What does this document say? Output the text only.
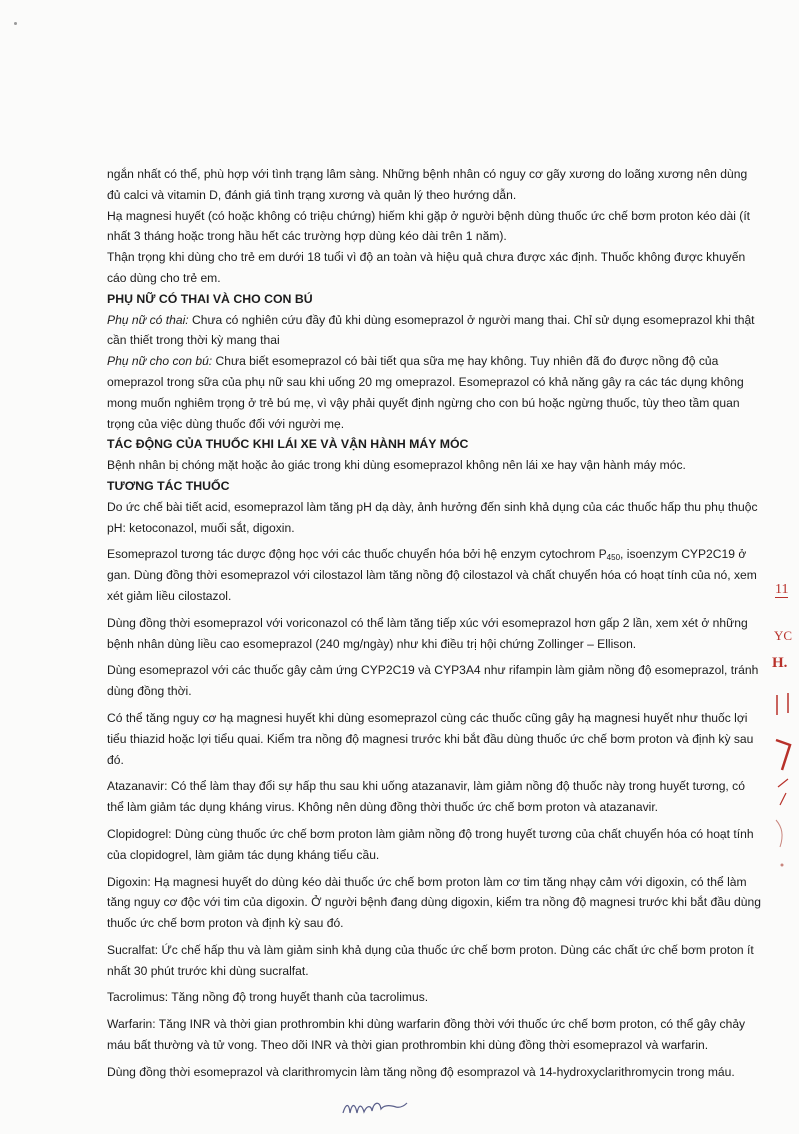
ngắn nhất có thể, phù hợp với tình trạng lâm sàng. Những bệnh nhân có nguy cơ gãy xương do loãng xương nên dùng đủ calci và vitamin D, đánh giá tình trạng xương và quản lý theo hướng dẫn.

Hạ magnesi huyết (có hoặc không có triệu chứng) hiếm khi gặp ở người bệnh dùng thuốc ức chế bơm proton kéo dài (ít nhất 3 tháng hoặc trong hầu hết các trường hợp dùng kéo dài trên 1 năm).

Thận trọng khi dùng cho trẻ em dưới 18 tuổi vì độ an toàn và hiệu quả chưa được xác định. Thuốc không được khuyến cáo dùng cho trẻ em.

PHỤ NỮ CÓ THAI VÀ CHO CON BÚ

Phụ nữ có thai: Chưa có nghiên cứu đầy đủ khi dùng esomeprazol ở người mang thai. Chỉ sử dụng esomeprazol khi thật cần thiết trong thời kỳ mang thai

Phụ nữ cho con bú: Chưa biết esomeprazol có bài tiết qua sữa mẹ hay không. Tuy nhiên đã đo được nồng độ của omeprazol trong sữa của phụ nữ sau khi uống 20 mg omeprazol. Esomeprazol có khả năng gây ra các tác dụng không mong muốn nghiêm trọng ở trẻ bú mẹ, vì vậy phải quyết định ngừng cho con bú hoặc ngừng thuốc, tùy theo tầm quan trọng của việc dùng thuốc đối với người mẹ.

TÁC ĐỘNG CỦA THUỐC KHI LÁI XE VÀ VẬN HÀNH MÁY MÓC

Bệnh nhân bị chóng mặt hoặc ảo giác trong khi dùng esomeprazol không nên lái xe hay vận hành máy móc.

TƯƠNG TÁC THUỐC

Do ức chế bài tiết acid, esomeprazol làm tăng pH dạ dày, ảnh hưởng đến sinh khả dụng của các thuốc hấp thu phụ thuộc pH: ketoconazol, muối sắt, digoxin.

Esomeprazol tương tác dược động học với các thuốc chuyển hóa bởi hệ enzym cytochrom $P_{450}$, isoenzym CYP2C19 ở gan. Dùng đồng thời esomeprazol với cilostazol làm tăng nồng độ cilostazol và chất chuyển hóa có hoạt tính của nó, xem xét giảm liều cilostazol.

Dùng đồng thời esomeprazol với voriconazol có thể làm tăng tiếp xúc với esomeprazol hơn gấp 2 lần, xem xét ở những bệnh nhân dùng liều cao esomeprazol (240 mg/ngày) như khi điều trị hội chứng Zollinger – Ellison.

Dùng esomeprazol với các thuốc gây cảm ứng CYP2C19 và CYP3A4 như rifampin làm giảm nồng độ esomeprazol, tránh dùng đồng thời.

Có thể tăng nguy cơ hạ magnesi huyết khi dùng esomeprazol cùng các thuốc cũng gây hạ magnesi huyết như thuốc lợi tiểu thiazid hoặc lợi tiểu quai. Kiểm tra nồng độ magnesi trước khi bắt đầu dùng thuốc ức chế bơm proton và định kỳ sau đó.

Atazanavir: Có thể làm thay đổi sự hấp thu sau khi uống atazanavir, làm giảm nồng độ thuốc này trong huyết tương, có thể làm giảm tác dụng kháng virus. Không nên dùng đồng thời thuốc ức chế bơm proton và atazanavir.

Clopidogrel: Dùng cùng thuốc ức chế bơm proton làm giảm nồng độ trong huyết tương của chất chuyển hóa có hoạt tính của clopidogrel, làm giảm tác dụng kháng tiểu cầu.

Digoxin: Hạ magnesi huyết do dùng kéo dài thuốc ức chế bơm proton làm cơ tim tăng nhạy cảm với digoxin, có thể làm tăng nguy cơ độc với tim của digoxin. Ở người bệnh đang dùng digoxin, kiểm tra nồng độ magnesi trước khi bắt đầu dùng thuốc ức chế bơm proton và định kỳ sau đó.

Sucralfat: Ức chế hấp thu và làm giảm sinh khả dụng của thuốc ức chế bơm proton. Dùng các chất ức chế bơm proton ít nhất 30 phút trước khi dùng sucralfat.

Tacrolimus: Tăng nồng độ trong huyết thanh của tacrolimus.

Warfarin: Tăng INR và thời gian prothrombin khi dùng warfarin đồng thời với thuốc ức chế bơm proton, có thể gây chảy máu bất thường và tử vong. Theo dõi INR và thời gian prothrombin khi dùng đồng thời esomeprazol và warfarin.

Dùng đồng thời esomeprazol và clarithromycin làm tăng nồng độ esomprazol và 14-hydroxyclarithromycin trong máu.

11
YC
H.
